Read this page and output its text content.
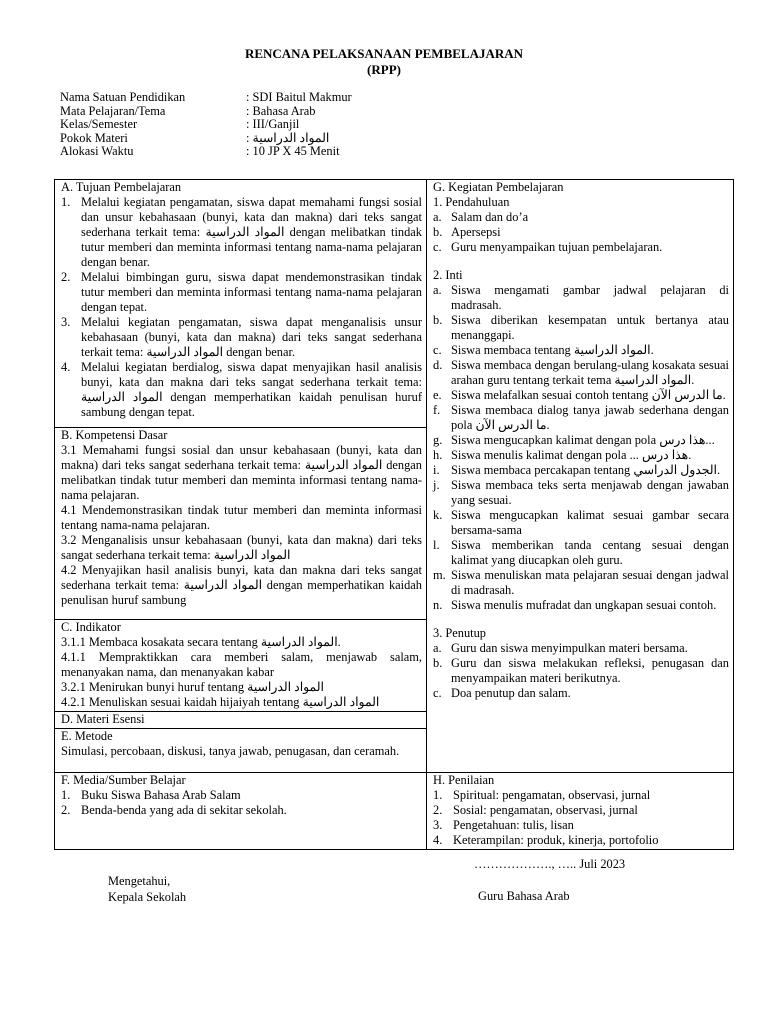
RENCANA PELAKSANAAN PEMBELAJARAN
(RPP)
Nama Satuan Pendidikan	: SDI Baitul Makmur
Mata Pelajaran/Tema	: Bahasa Arab
Kelas/Semester	: III/Ganjil
Pokok Materi	: المواد الدراسية
Alokasi Waktu	: 10 JP X 45 Menit
A. Tujuan Pembelajaran
1. Melalui kegiatan pengamatan, siswa dapat memahami fungsi sosial dan unsur kebahasaan (bunyi, kata dan makna) dari teks sangat sederhana terkait tema: المواد الدراسية dengan melibatkan tindak tutur memberi dan meminta informasi tentang nama-nama pelajaran dengan benar.
2. Melalui bimbingan guru, siswa dapat mendemonstrasikan tindak tutur memberi dan meminta informasi tentang nama-nama pelajaran dengan tepat.
3. Melalui kegiatan pengamatan, siswa dapat menganalisis unsur kebahasaan (bunyi, kata dan makna) dari teks sangat sederhana terkait tema: المواد الدراسية dengan benar.
4. Melalui kegiatan berdialog, siswa dapat menyajikan hasil analisis bunyi, kata dan makna dari teks sangat sederhana terkait tema: المواد الدراسية dengan memperhatikan kaidah penulisan huruf sambung dengan tepat.

G. Kegiatan Pembelajaran
1. Pendahuluan
a. Salam dan do’a
b. Apersepsi
c. Guru menyampaikan tujuan pembelajaran.
2. Inti
a. Siswa mengamati gambar jadwal pelajaran di madrasah.
b. Siswa diberikan kesempatan untuk bertanya atau menanggapi.
c. Siswa membaca tentang المواد الدراسية.
d. Siswa membaca dengan berulang-ulang kosakata sesuai arahan guru tentang terkait tema المواد الدراسية.
e. Siswa melafalkan sesuai contoh tentang ما الدرس الآن.
f. Siswa membaca dialog tanya jawab sederhana dengan pola ما الدرس الآن.
g. Siswa mengucapkan kalimat dengan pola هذا درس...
h. Siswa menulis kalimat dengan pola ... هذا درس.
i. Siswa membaca percakapan tentang الجدول الدراسي.
j. Siswa membaca teks serta menjawab dengan jawaban yang sesuai.
k. Siswa mengucapkan kalimat sesuai gambar secara bersama-sama
l. Siswa memberikan tanda centang sesuai dengan kalimat yang diucapkan oleh guru.
m. Siswa menuliskan mata pelajaran sesuai dengan jadwal di madrasah.
n. Siswa menulis mufradat dan ungkapan sesuai contoh.
3. Penutup
a. Guru dan siswa menyimpulkan materi bersama.
b. Guru dan siswa melakukan refleksi, penugasan dan menyampaikan materi berikutnya.
c. Doa penutup dan salam.

B. Kompetensi Dasar
3.1 Memahami fungsi sosial dan unsur kebahasaan (bunyi, kata dan makna) dari teks sangat sederhana terkait tema: المواد الدراسية dengan melibatkan tindak tutur memberi dan meminta informasi tentang nama-nama pelajaran.
4.1 Mendemonstrasikan tindak tutur memberi dan meminta informasi tentang nama-nama pelajaran.
3.2 Menganalisis unsur kebahasaan (bunyi, kata dan makna) dari teks sangat sederhana terkait tema: المواد الدراسية
4.2 Menyajikan hasil analisis bunyi, kata dan makna dari teks sangat sederhana terkait tema: المواد الدراسية dengan memperhatikan kaidah penulisan huruf sambung

C. Indikator
3.1.1 Membaca kosakata secara tentang المواد الدراسية.
4.1.1 Mempraktikkan cara memberi salam, menjawab salam, menanyakan nama, dan menanyakan kabar
3.2.1 Menirukan bunyi huruf tentang المواد الدراسية
4.2.1 Menuliskan sesuai kaidah hijaiyah tentang المواد الدراسية

D. Materi Esensi

E. Metode
Simulasi, percobaan, diskusi, tanya jawab, penugasan, dan ceramah.

F. Media/Sumber Belajar
1. Buku Siswa Bahasa Arab Salam
2. Benda-benda yang ada di sekitar sekolah.

H. Penilaian
1. Spiritual: pengamatan, observasi, jurnal
2. Sosial: pengamatan, observasi, jurnal
3. Pengetahuan: tulis, lisan
4. Keterampilan: produk, kinerja, portofolio
………………., ….. Juli 2023
Mengetahui,
Kepala Sekolah	Guru Bahasa Arab
